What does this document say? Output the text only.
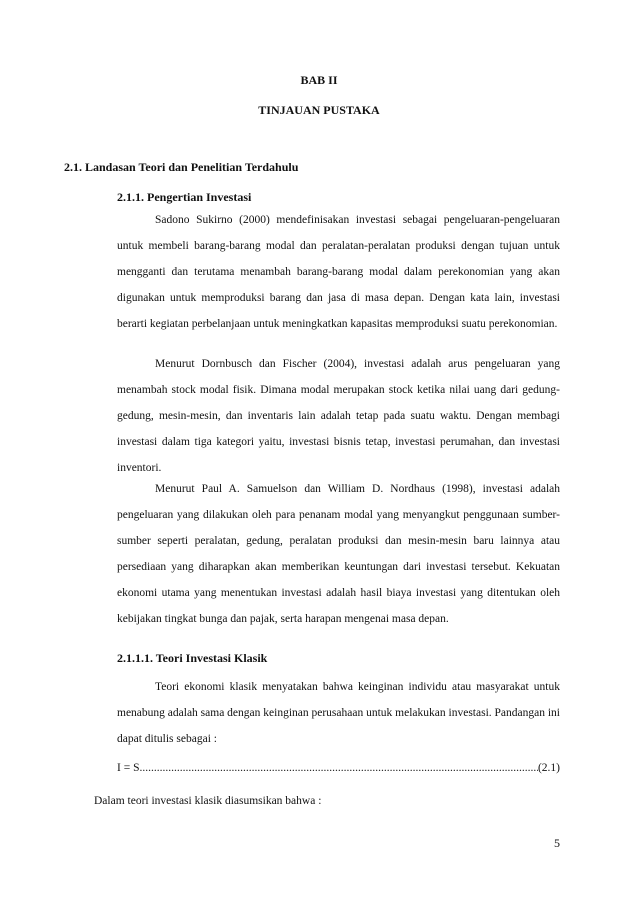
BAB II
TINJAUAN PUSTAKA
2.1. Landasan Teori dan Penelitian Terdahulu
2.1.1. Pengertian Investasi

Sadono Sukirno (2000) mendefinisakan investasi sebagai pengeluaran-pengeluaran untuk membeli barang-barang modal dan peralatan-peralatan produksi dengan tujuan untuk mengganti dan terutama menambah barang-barang modal dalam perekonomian yang akan digunakan untuk memproduksi barang dan jasa di masa depan. Dengan kata lain, investasi berarti kegiatan perbelanjaan untuk meningkatkan kapasitas memproduksi suatu perekonomian.

Menurut Dornbusch dan Fischer (2004), investasi adalah arus pengeluaran yang menambah stock modal fisik. Dimana modal merupakan stock ketika nilai uang dari gedung-gedung, mesin-mesin, dan inventaris lain adalah tetap pada suatu waktu. Dengan membagi investasi dalam tiga kategori yaitu, investasi bisnis tetap, investasi perumahan, dan investasi inventori.

Menurut Paul A. Samuelson dan William D. Nordhaus (1998), investasi adalah pengeluaran yang dilakukan oleh para penanam modal yang menyangkut penggunaan sumber-sumber seperti peralatan, gedung, peralatan produksi dan mesin-mesin baru lainnya atau persediaan yang diharapkan akan memberikan keuntungan dari investasi tersebut. Kekuatan ekonomi utama yang menentukan investasi adalah hasil biaya investasi yang ditentukan oleh kebijakan tingkat bunga dan pajak, serta harapan mengenai masa depan.

2.1.1.1. Teori Investasi Klasik

Teori ekonomi klasik menyatakan bahwa keinginan individu atau masyarakat untuk menabung adalah sama dengan keinginan perusahaan untuk melakukan investasi. Pandangan ini dapat ditulis sebagai :

I = S
.....	(2.1)
Dalam teori investasi klasik diasumsikan bahwa :
5
